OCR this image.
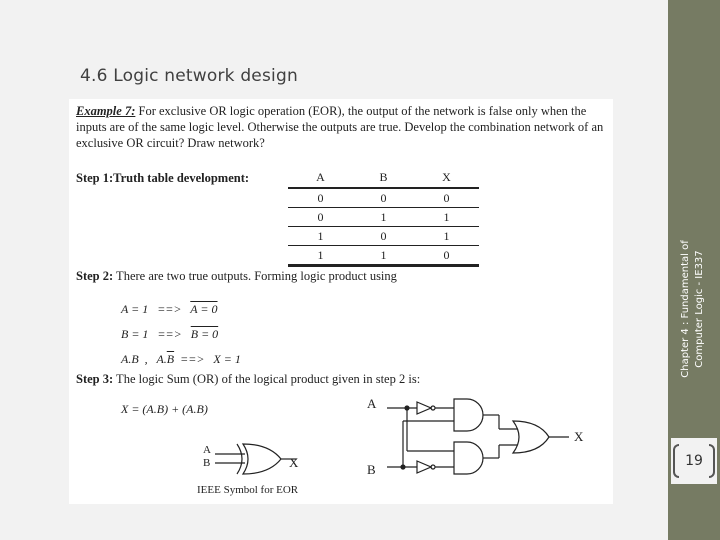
4.6 Logic network design
Chapter 4 : Fundamental of Computer Logic - IE337
19
Example 7: For exclusive OR logic operation (EOR), the output of the network is false only when the inputs are of the same logic level. Otherwise the outputs are true. Develop the combination network of an exclusive OR circuit? Draw network?
Step 1:Truth table development:	A	B	X
0	0	0
0	1	1
1	0	1
1	1	0
Step 2: There are two true outputs. Forming logic product using
A = 1   ==>   A = 0
B = 1   ==>   B = 0
A.B  ,   $A.\overline{B}$  ==>   X = 1
Step 3: The logic Sum (OR) of the logical product given in step 2 is:
X = (A.B) + (A.B)
A
B	X
IEEE Symbol for EOR
A
B
X
